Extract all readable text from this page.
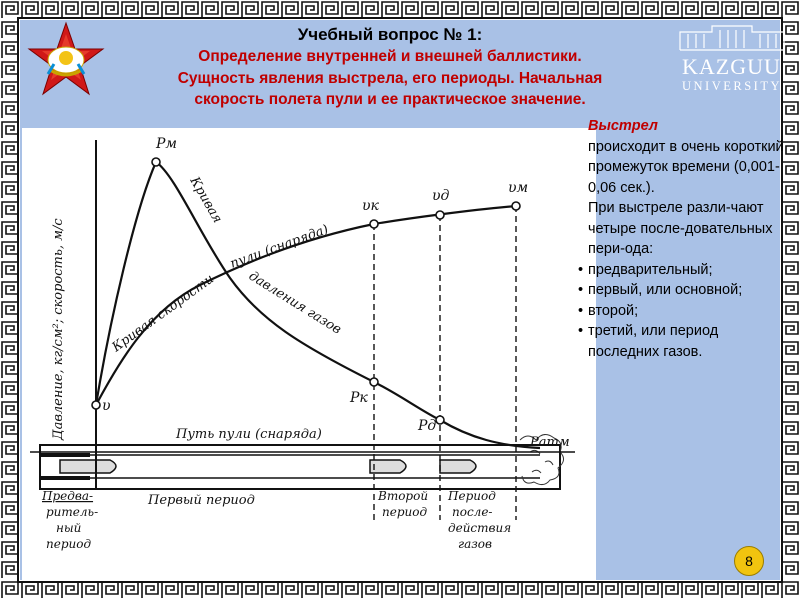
Учебный вопрос № 1:
Определение внутренней и внешней баллистики.
Сущность явления выстрела, его периоды. Начальная
скорость полета пули и ее практическое значение.
KAZGUU
UNIVERSITY
Давление, кг/см²; скорость, м/с
Pм
υ
υк
υд	υм
Pк
Pд
Pатм
Кривая
давления газов
Кривая скорости
пули (снаряда)
Путь пули (снаряда)
Предва-
ритель-
ный
период
Первый период	Второй
период
Период
после-
действия
газов
Выстрел
происходит в очень короткий промежуток времени (0,001-0,06 сек.).
При выстреле разли-чают четыре после-довательных пери-ода:
• предварительный;
• первый, или основной;
• второй;
• третий, или период последних газов.
8
